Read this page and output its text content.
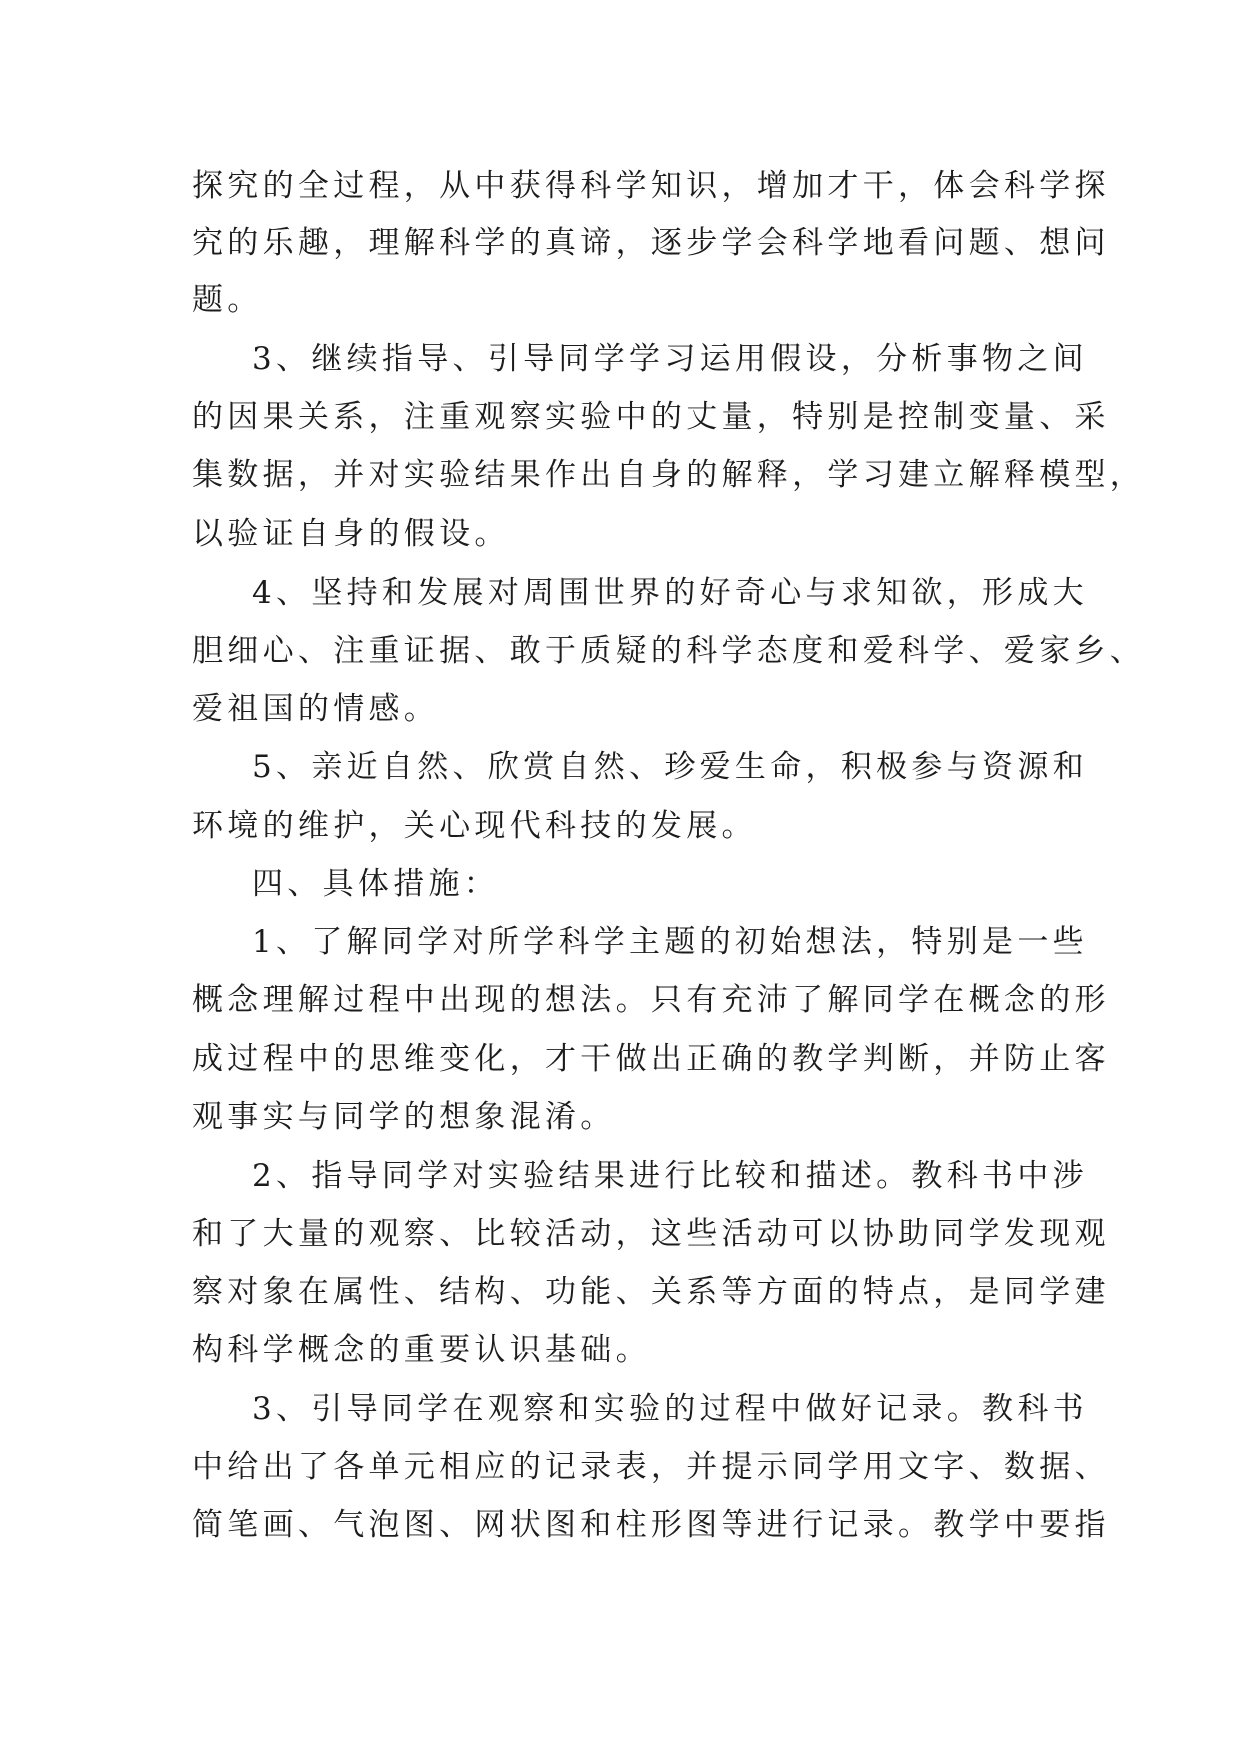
探究的全过程，从中获得科学知识，增加才干，体会科学探
究的乐趣，理解科学的真谛，逐步学会科学地看问题、想问
题。
3、继续指导、引导同学学习运用假设，分析事物之间
的因果关系，注重观察实验中的丈量，特别是控制变量、采
集数据，并对实验结果作出自身的解释，学习建立解释模型，
以验证自身的假设。
4、坚持和发展对周围世界的好奇心与求知欲，形成大
胆细心、注重证据、敢于质疑的科学态度和爱科学、爱家乡、
爱祖国的情感。
5、亲近自然、欣赏自然、珍爱生命，积极参与资源和
环境的维护，关心现代科技的发展。
四、具体措施：
1、了解同学对所学科学主题的初始想法，特别是一些
概念理解过程中出现的想法。只有充沛了解同学在概念的形
成过程中的思维变化，才干做出正确的教学判断，并防止客
观事实与同学的想象混淆。
2、指导同学对实验结果进行比较和描述。教科书中涉
和了大量的观察、比较活动，这些活动可以协助同学发现观
察对象在属性、结构、功能、关系等方面的特点，是同学建
构科学概念的重要认识基础。
3、引导同学在观察和实验的过程中做好记录。教科书
中给出了各单元相应的记录表，并提示同学用文字、数据、
简笔画、气泡图、网状图和柱形图等进行记录。教学中要指
